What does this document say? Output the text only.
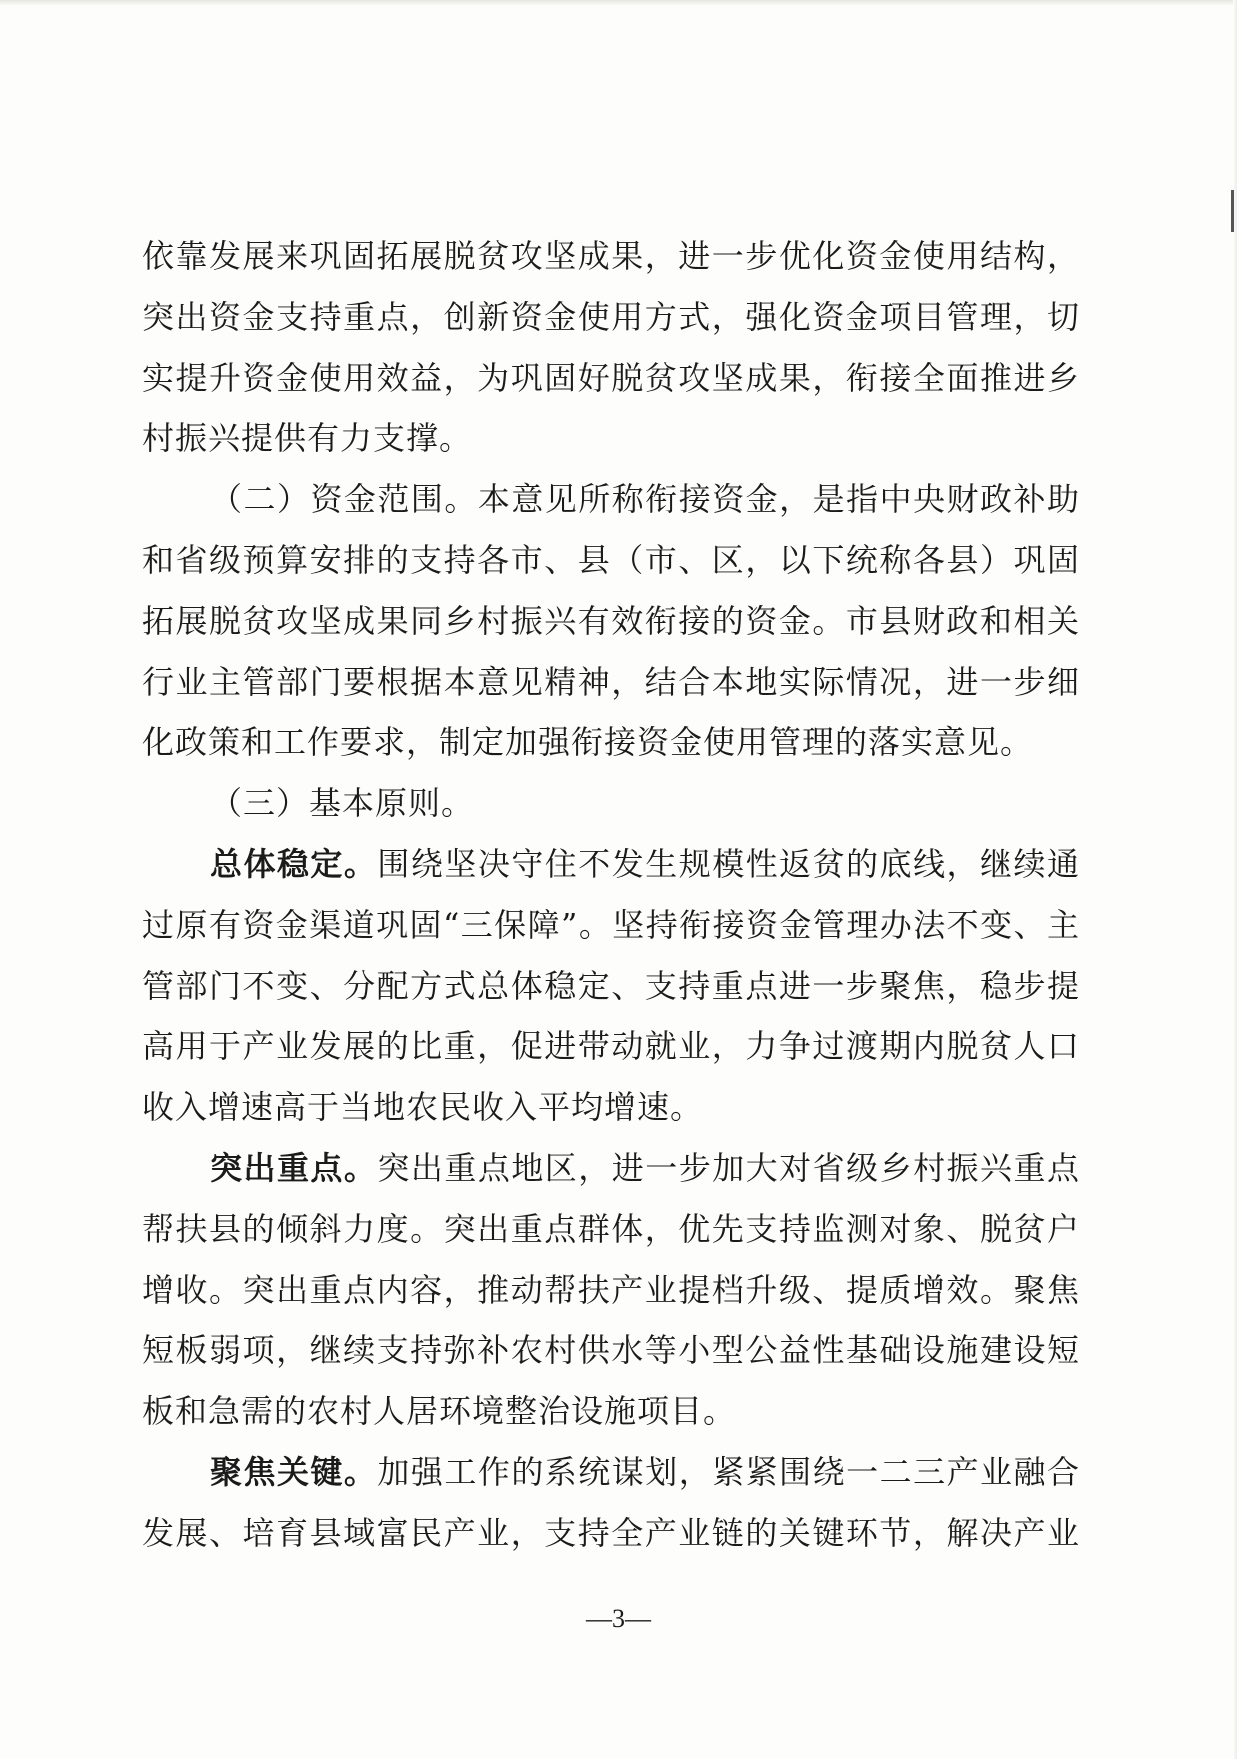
依靠发展来巩固拓展脱贫攻坚成果，进一步优化资金使用结构，
突出资金支持重点，创新资金使用方式，强化资金项目管理，切
实提升资金使用效益，为巩固好脱贫攻坚成果，衔接全面推进乡
村振兴提供有力支撑。
（二）资金范围。本意见所称衔接资金，是指中央财政补助
和省级预算安排的支持各市、县（市、区，以下统称各县）巩固
拓展脱贫攻坚成果同乡村振兴有效衔接的资金。市县财政和相关
行业主管部门要根据本意见精神，结合本地实际情况，进一步细
化政策和工作要求，制定加强衔接资金使用管理的落实意见。
（三）基本原则。
总体稳定。围绕坚决守住不发生规模性返贫的底线，继续通
过原有资金渠道巩固“三保障”。坚持衔接资金管理办法不变、主
管部门不变、分配方式总体稳定、支持重点进一步聚焦，稳步提
高用于产业发展的比重，促进带动就业，力争过渡期内脱贫人口
收入增速高于当地农民收入平均增速。
突出重点。突出重点地区，进一步加大对省级乡村振兴重点
帮扶县的倾斜力度。突出重点群体，优先支持监测对象、脱贫户
增收。突出重点内容，推动帮扶产业提档升级、提质增效。聚焦
短板弱项，继续支持弥补农村供水等小型公益性基础设施建设短
板和急需的农村人居环境整治设施项目。
聚焦关键。加强工作的系统谋划，紧紧围绕一二三产业融合
发展、培育县域富民产业，支持全产业链的关键环节，解决产业
—3—
